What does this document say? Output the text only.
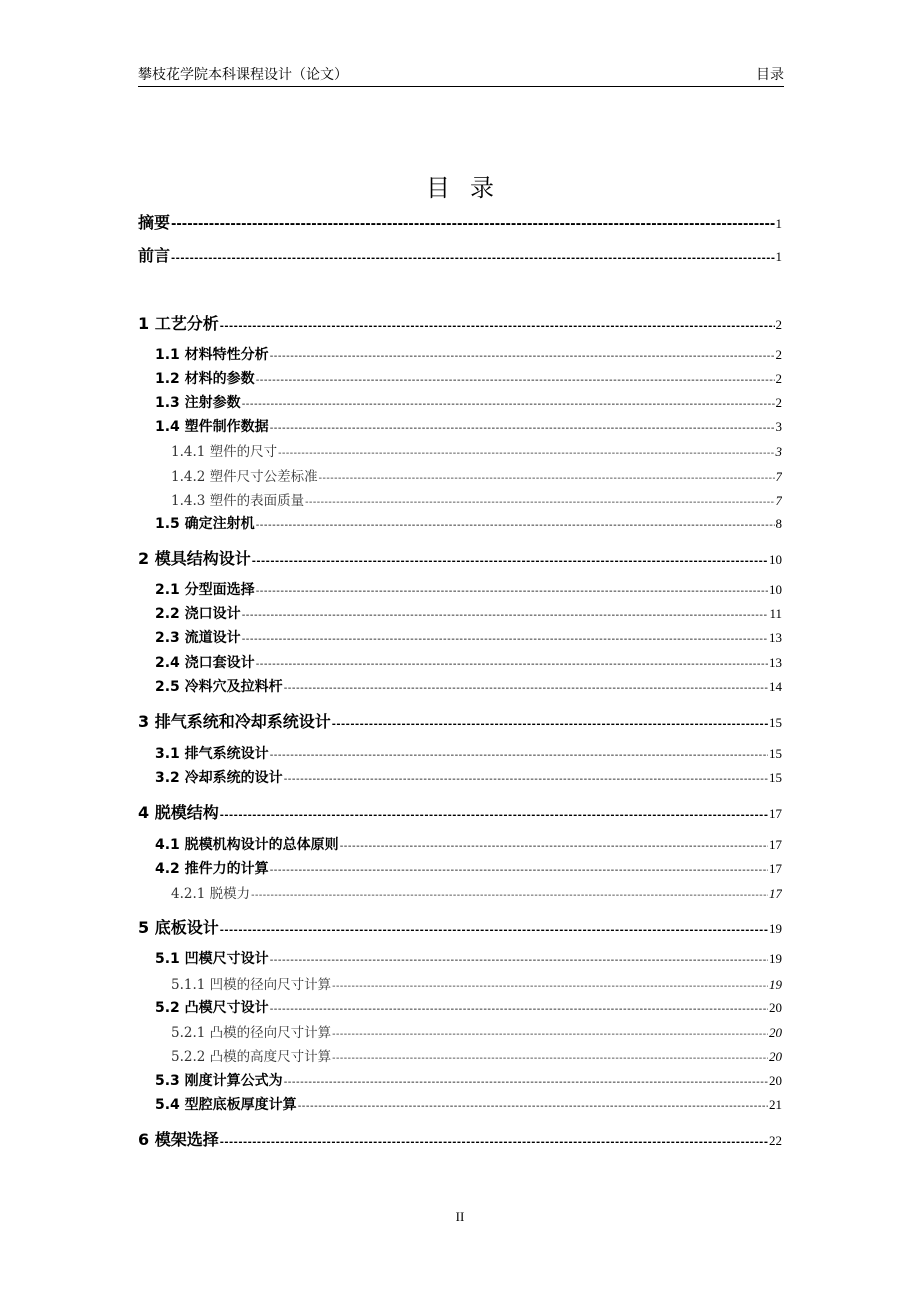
攀枝花学院本科课程设计（论文）	目录
目录
摘要 -----	1
前言 -----	1
1 工艺分析 -----	2
1.1 材料特性分析 -----	2
1.2 材料的参数 -----	2
1.3 注射参数 -----	2
1.4 塑件制作数据 -----	3
1.4.1 塑件的尺寸 -----	3
1.4.2 塑件尺寸公差标准 -----	7
1.4.3 塑件的表面质量 -----	7
1.5 确定注射机 -----	8
2 模具结构设计 -----	10
2.1 分型面选择 -----	10
2.2 浇口设计 -----	11
2.3 流道设计 -----	13
2.4 浇口套设计 -----	13
2.5 冷料穴及拉料杆 -----	14
3 排气系统和冷却系统设计 -----	15
3.1 排气系统设计 -----	15
3.2 冷却系统的设计 -----	15
4 脱模结构 -----	17
4.1 脱模机构设计的总体原则 -----	17
4.2 推件力的计算 -----	17
4.2.1 脱模力 -----	17
5 底板设计 -----	19
5.1 凹模尺寸设计 -----	19
5.1.1 凹模的径向尺寸计算 -----	19
5.2 凸模尺寸设计 -----	20
5.2.1 凸模的径向尺寸计算 -----	20
5.2.2 凸模的高度尺寸计算 -----	20
5.3 刚度计算公式为 -----	20
5.4 型腔底板厚度计算 -----	21
6 模架选择 -----	22
II
